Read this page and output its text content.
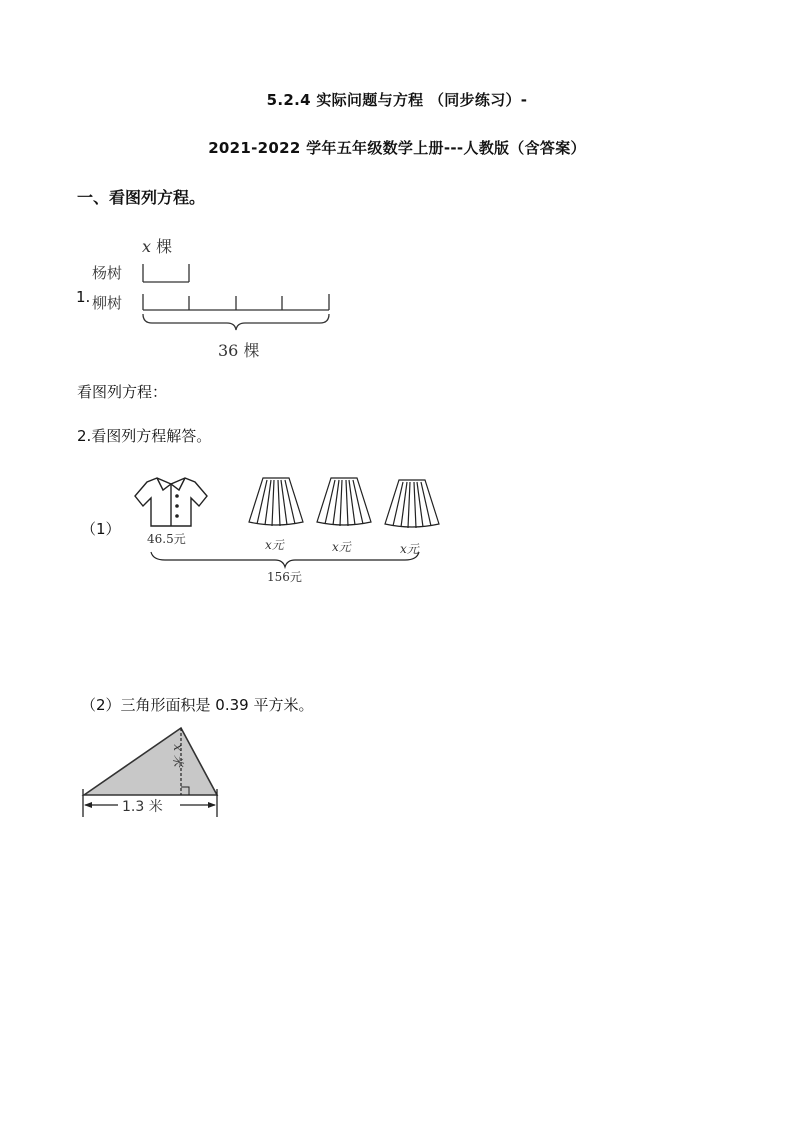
5.2.4 实际问题与方程 （同步练习）-
2021-2022 学年五年级数学上册---人教版（含答案）
一、看图列方程。
𝑥 棵
杨树
1. 柳树
36 棵
看图列方程：
2.看图列方程解答。
（1）
46.5元	x元	x元	x元
156元
（2）三角形面积是 0.39 平方米。
x 米
1.3 米
